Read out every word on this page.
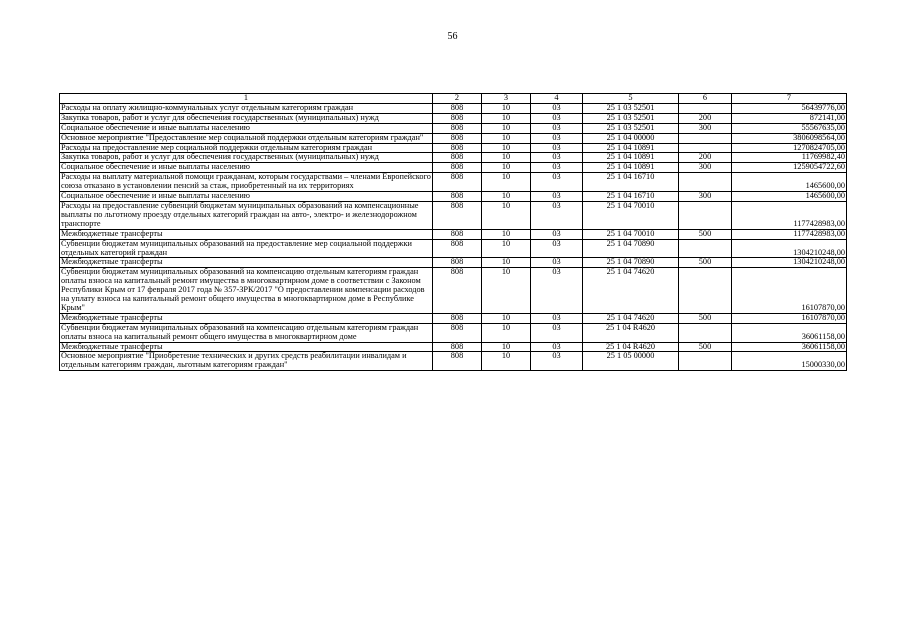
56
1	2	3	4	5	6	7
Расходы на оплату жилищно-коммунальных услуг отдельным категориям граждан	808	10	03	25 1 03 52501		56439776,00
Закупка товаров, работ и услуг для обеспечения государственных (муниципальных) нужд	808	10	03	25 1 03 52501	200	872141,00
Социальное обеспечение и иные выплаты населению	808	10	03	25 1 03 52501	300	55567635,00
Основное мероприятие "Предоставление мер социальной поддержки отдельным категориям граждан"	808	10	03	25 1 04 00000		3806098564,00
Расходы на предоставление мер социальной поддержки отдельным категориям граждан	808	10	03	25 1 04 10891		1270824705,00
Закупка товаров, работ и услуг для обеспечения государственных (муниципальных) нужд	808	10	03	25 1 04 10891	200	11769982,40
Социальное обеспечение и иные выплаты населению	808	10	03	25 1 04 10891	300	1259054722,60
Расходы на выплату материальной помощи гражданам, которым государствами – членами Европейского союза отказано в установлении пенсий за стаж, приобретенный на их территориях	808	10	03	25 1 04 16710		1465600,00
Социальное обеспечение и иные выплаты населению	808	10	03	25 1 04 16710	300	1465600,00
Расходы на предоставление субвенций бюджетам муниципальных образований на компенсационные выплаты по льготному проезду отдельных категорий граждан на авто-, электро- и железнодорожном транспорте	808	10	03	25 1 04 70010		1177428983,00
Межбюджетные трансферты	808	10	03	25 1 04 70010	500	1177428983,00
Субвенции бюджетам муниципальных образований на предоставление мер социальной поддержки отдельных категорий граждан	808	10	03	25 1 04 70890		1304210248,00
Межбюджетные трансферты	808	10	03	25 1 04 70890	500	1304210248,00
Субвенции бюджетам муниципальных образований на компенсацию отдельным категориям граждан оплаты взноса на капитальный ремонт имущества в многоквартирном доме в соответствии с Законом Республики Крым от 17 февраля 2017 года № 357-ЗРК/2017 "О предоставлении компенсации расходов на уплату взноса на капитальный ремонт общего имущества в многоквартирном доме в Республике Крым"	808	10	03	25 1 04 74620		16107870,00
Межбюджетные трансферты	808	10	03	25 1 04 74620	500	16107870,00
Субвенции бюджетам муниципальных образований на компенсацию отдельным категориям граждан оплаты взноса на капитальный ремонт общего имущества в многоквартирном доме	808	10	03	25 1 04 R4620		36061158,00
Межбюджетные трансферты	808	10	03	25 1 04 R4620	500	36061158,00
Основное мероприятие "Приобретение технических и других средств реабилитации инвалидам и отдельным категориям граждан, льготным категориям граждан"	808	10	03	25 1 05 00000		15000330,00
